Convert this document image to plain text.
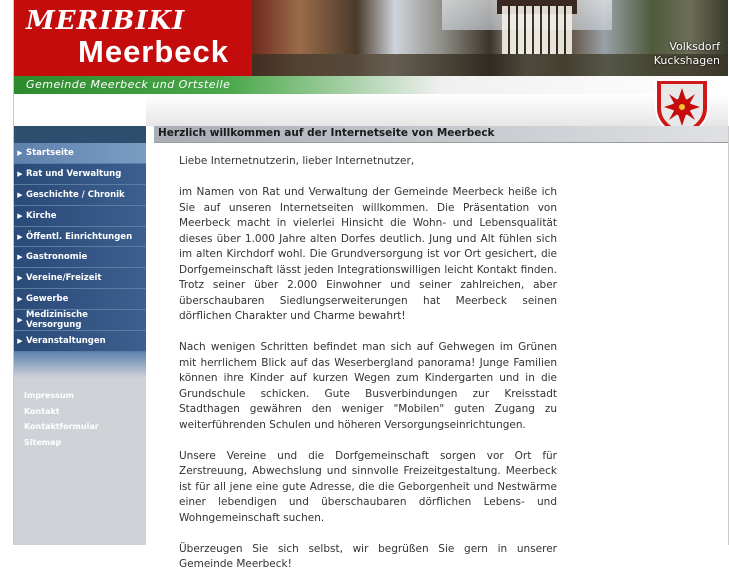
MERIBIKI
Meerbeck	Volksdorf
Kuckshagen
Gemeinde Meerbeck und Ortsteile
▶ Startseite
▶ Rat und Verwaltung
▶ Geschichte / Chronik
▶ Kirche
▶ Öffentl. Einrichtungen
▶ Gastronomie
▶ Vereine/Freizeit
▶ Gewerbe
▶ Medizinische Versorgung
▶ Veranstaltungen
Impressum
Kontakt
Kontaktformular
Sitemap
Herzlich willkommen auf der Internetseite von Meerbeck

Liebe Internetnutzerin, lieber Internetnutzer,

im Namen von Rat und Verwaltung der Gemeinde Meerbeck heiße ich Sie auf unseren Internetseiten willkommen. Die Präsentation von Meerbeck macht in vielerlei Hinsicht die Wohn- und Lebensqualität dieses über 1.000 Jahre alten Dorfes deutlich. Jung und Alt fühlen sich im alten Kirchdorf wohl. Die Grundversorgung ist vor Ort gesichert, die Dorfgemeinschaft lässt jeden Integrationswilligen leicht Kontakt finden. Trotz seiner über 2.000 Einwohner und seiner zahlreichen, aber überschaubaren Siedlungserweiterungen hat Meerbeck seinen dörflichen Charakter und Charme bewahrt!

Nach wenigen Schritten befindet man sich auf Gehwegen im Grünen mit herrlichem Blick auf das Weserbergland panorama! Junge Familien können ihre Kinder auf kurzen Wegen zum Kindergarten und in die Grundschule schicken. Gute Busverbindungen zur Kreisstadt Stadthagen gewähren den weniger "Mobilen" guten Zugang zu weiterführenden Schulen und höheren Versorgungseinrichtungen.

Unsere Vereine und die Dorfgemeinschaft sorgen vor Ort für Zerstreuung, Abwechslung und sinnvolle Freizeitgestaltung. Meerbeck ist für all jene eine gute Adresse, die die Geborgenheit und Nestwärme einer lebendigen und überschaubaren dörflichen Lebens- und Wohngemeinschaft suchen.

Überzeugen Sie sich selbst, wir begrüßen Sie gern in unserer Gemeinde Meerbeck!
